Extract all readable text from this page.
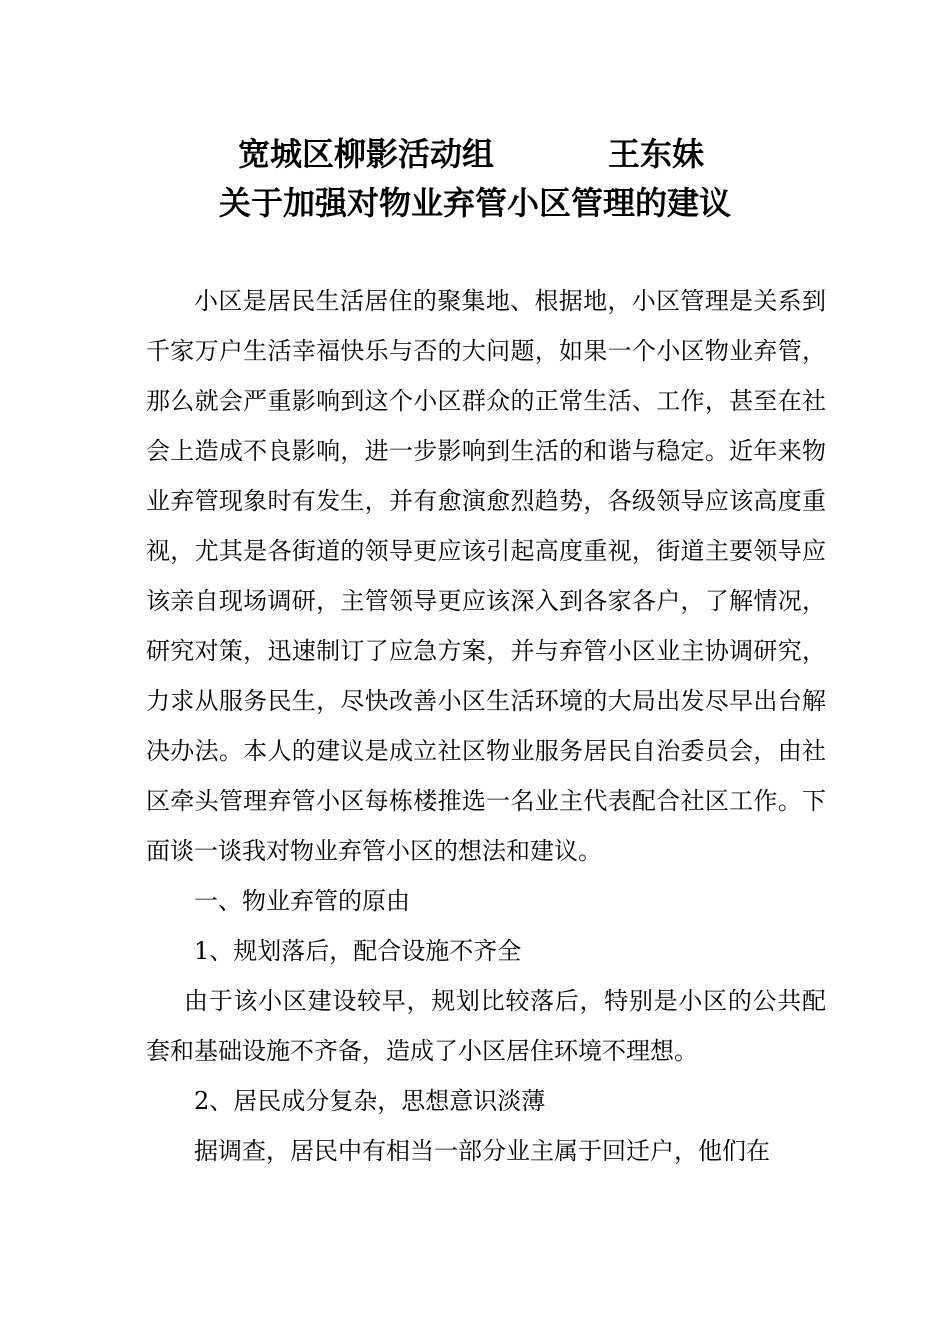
宽城区柳影活动组	王东妹
关于加强对物业弃管小区管理的建议

小区是居民生活居住的聚集地、根据地，小区管理是关系到千家万户生活幸福快乐与否的大问题，如果一个小区物业弃管，那么就会严重影响到这个小区群众的正常生活、工作，甚至在社会上造成不良影响，进一步影响到生活的和谐与稳定。近年来物业弃管现象时有发生，并有愈演愈烈趋势，各级领导应该高度重视，尤其是各街道的领导更应该引起高度重视，街道主要领导应该亲自现场调研，主管领导更应该深入到各家各户，了解情况，研究对策，迅速制订了应急方案，并与弃管小区业主协调研究，力求从服务民生，尽快改善小区生活环境的大局出发尽早出台解决办法。本人的建议是成立社区物业服务居民自治委员会，由社区牵头管理弃管小区每栋楼推选一名业主代表配合社区工作。下面谈一谈我对物业弃管小区的想法和建议。

一、物业弃管的原由

1、规划落后，配合设施不齐全

由于该小区建设较早，规划比较落后，特别是小区的公共配套和基础设施不齐备，造成了小区居住环境不理想。

2、居民成分复杂，思想意识淡薄

据调查，居民中有相当一部分业主属于回迁户，他们在
